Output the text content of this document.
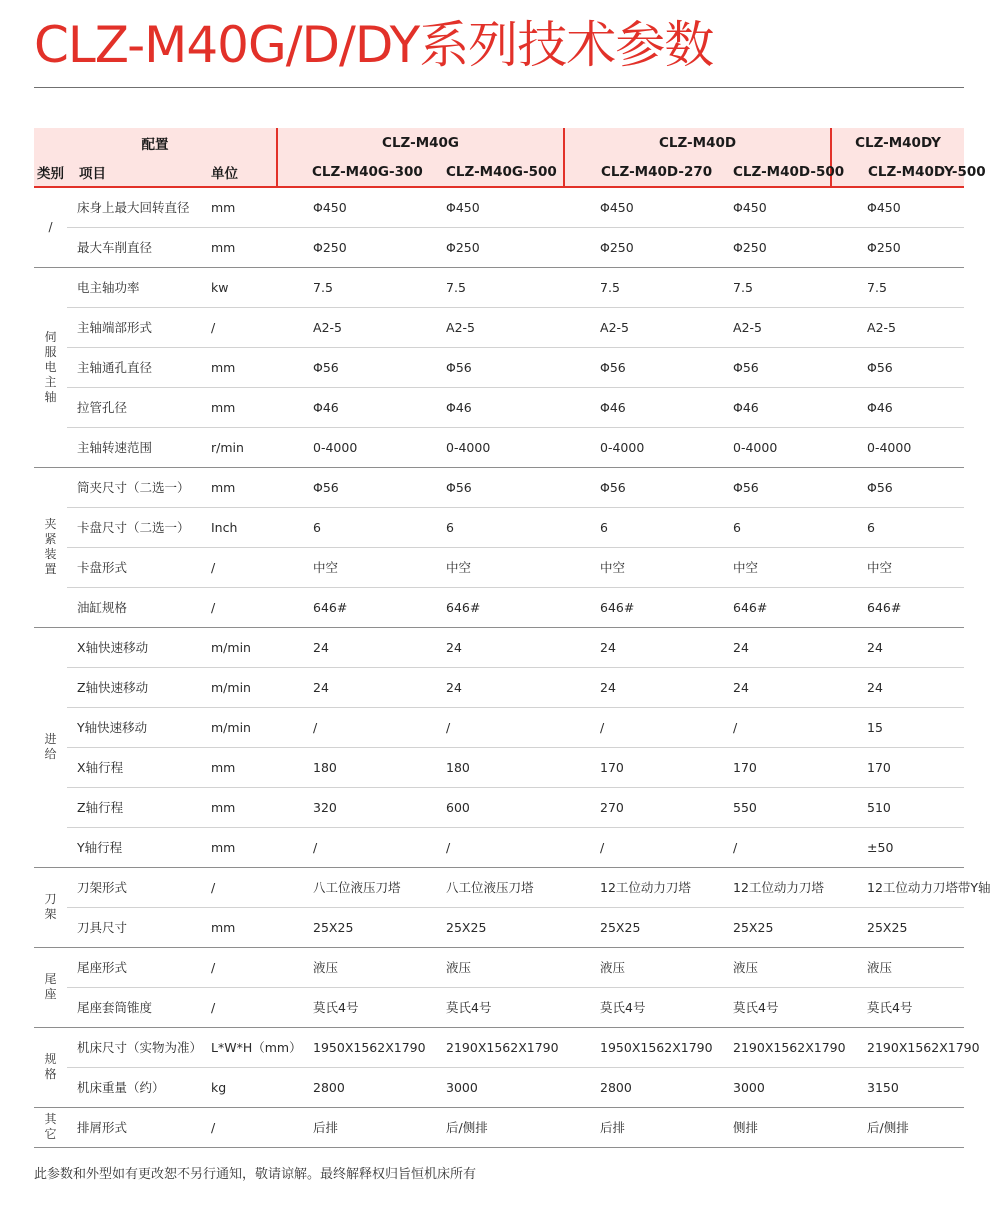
CLZ-M40G/D/DY系列技术参数
配置			CLZ-M40G		CLZ-M40D		CLZ-M40DY
类别	项目	单位	CLZ-M40G-300	CLZ-M40G-500	CLZ-M40D-270	CLZ-M40D-500	CLZ-M40DY-500
/	床身上最大回转直径	mm	Φ450	Φ450	Φ450	Φ450	Φ450
	最大车削直径	mm	Φ250	Φ250	Φ250	Φ250	Φ250
伺服电主轴	电主轴功率	kw	7.5	7.5	7.5	7.5	7.5
	主轴端部形式	/	A2-5	A2-5	A2-5	A2-5	A2-5
	主轴通孔直径	mm	Φ56	Φ56	Φ56	Φ56	Φ56
	拉管孔径	mm	Φ46	Φ46	Φ46	Φ46	Φ46
	主轴转速范围	r/min	0-4000	0-4000	0-4000	0-4000	0-4000
夹紧装置	筒夹尺寸（二选一）	mm	Φ56	Φ56	Φ56	Φ56	Φ56
	卡盘尺寸（二选一）	Inch	6	6	6	6	6
	卡盘形式	/	中空	中空	中空	中空	中空
	油缸规格	/	646#	646#	646#	646#	646#
进给	X轴快速移动	m/min	24	24	24	24	24
	Z轴快速移动	m/min	24	24	24	24	24
	Y轴快速移动	m/min	/	/	/	/	15
	X轴行程	mm	180	180	170	170	170
	Z轴行程	mm	320	600	270	550	510
	Y轴行程	mm	/	/	/	/	±50
刀架	刀架形式	/	八工位液压刀塔	八工位液压刀塔	12工位动力刀塔	12工位动力刀塔	12工位动力刀塔带Y轴
	刀具尺寸	mm	25X25	25X25	25X25	25X25	25X25
尾座	尾座形式	/	液压	液压	液压	液压	液压
	尾座套筒锥度	/	莫氏4号	莫氏4号	莫氏4号	莫氏4号	莫氏4号
规格	机床尺寸（实物为准）	L*W*H（mm）	1950X1562X1790	2190X1562X1790	1950X1562X1790	2190X1562X1790	2190X1562X1790
	机床重量（约）	kg	2800	3000	2800	3000	3150
其它	排屑形式	/	后排	后/侧排	后排	侧排	后/侧排
此参数和外型如有更改恕不另行通知，敬请谅解。最终解释权归旨恒机床所有
